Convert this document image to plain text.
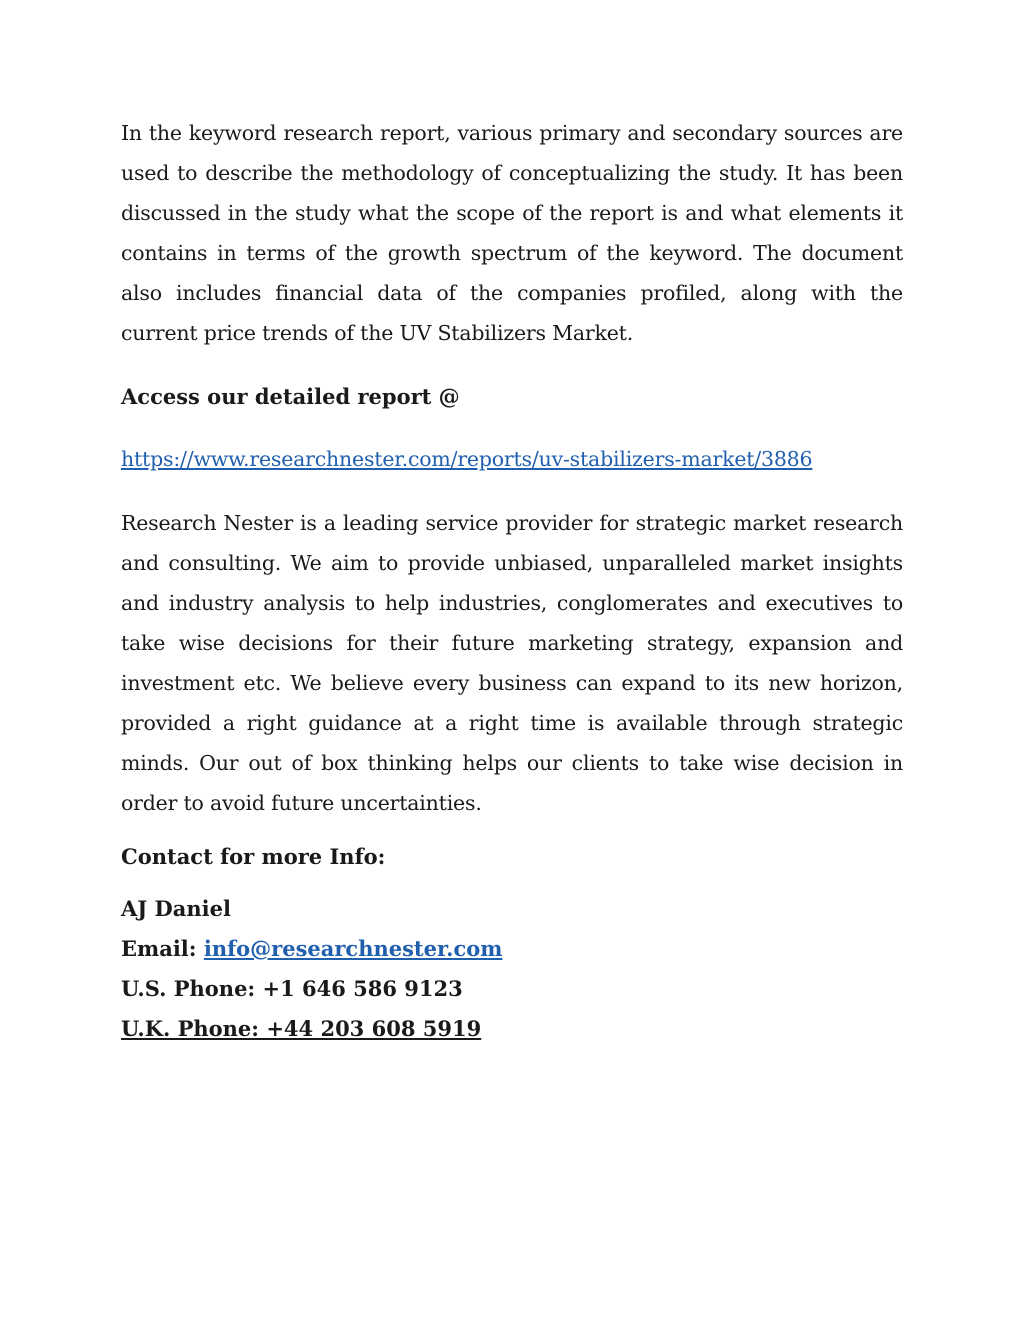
In the keyword research report, various primary and secondary sources are used to describe the methodology of conceptualizing the study. It has been discussed in the study what the scope of the report is and what elements it contains in terms of the growth spectrum of the keyword. The document also includes financial data of the companies profiled, along with the current price trends of the UV Stabilizers Market.

Access our detailed report @

https://www.researchnester.com/reports/uv-stabilizers-market/3886

Research Nester is a leading service provider for strategic market research and consulting. We aim to provide unbiased, unparalleled market insights and industry analysis to help industries, conglomerates and executives to take wise decisions for their future marketing strategy, expansion and investment etc. We believe every business can expand to its new horizon, provided a right guidance at a right time is available through strategic minds. Our out of box thinking helps our clients to take wise decision in order to avoid future uncertainties.

Contact for more Info:

AJ Daniel
Email: info@researchnester.com
U.S. Phone: +1 646 586 9123
U.K. Phone: +44 203 608 5919
